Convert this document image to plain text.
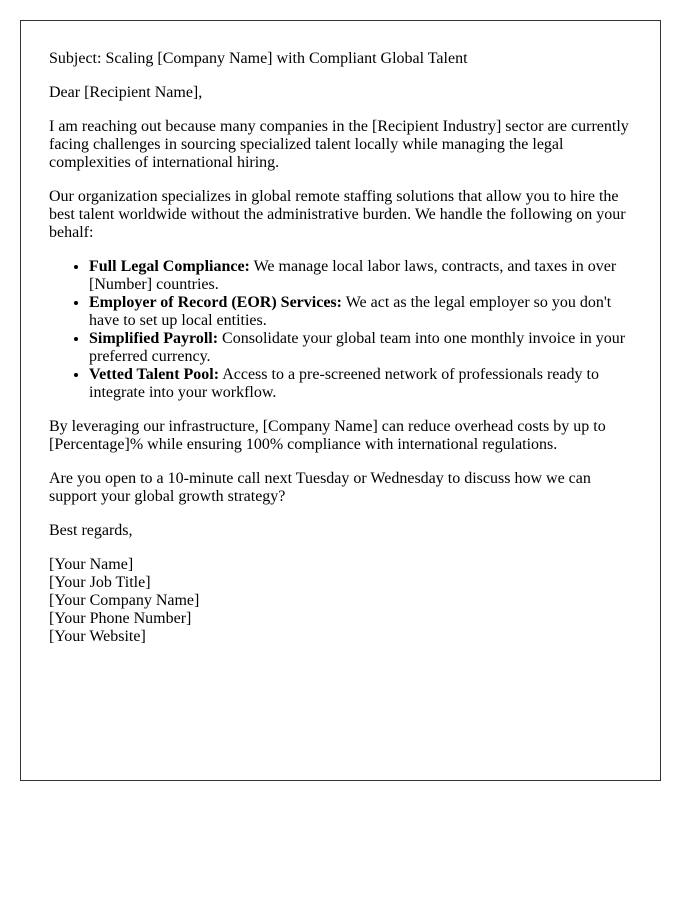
Subject: Scaling [Company Name] with Compliant Global Talent

Dear [Recipient Name],

I am reaching out because many companies in the [Recipient Industry] sector are currently facing challenges in sourcing specialized talent locally while managing the legal complexities of international hiring.

Our organization specializes in global remote staffing solutions that allow you to hire the best talent worldwide without the administrative burden. We handle the following on your behalf:

• Full Legal Compliance: We manage local labor laws, contracts, and taxes in over [Number] countries.
• Employer of Record (EOR) Services: We act as the legal employer so you don't have to set up local entities.
• Simplified Payroll: Consolidate your global team into one monthly invoice in your preferred currency.
• Vetted Talent Pool: Access to a pre-screened network of professionals ready to integrate into your workflow.

By leveraging our infrastructure, [Company Name] can reduce overhead costs by up to [Percentage]% while ensuring 100% compliance with international regulations.

Are you open to a 10-minute call next Tuesday or Wednesday to discuss how we can support your global growth strategy?

Best regards,

[Your Name]
[Your Job Title]
[Your Company Name]
[Your Phone Number]
[Your Website]
